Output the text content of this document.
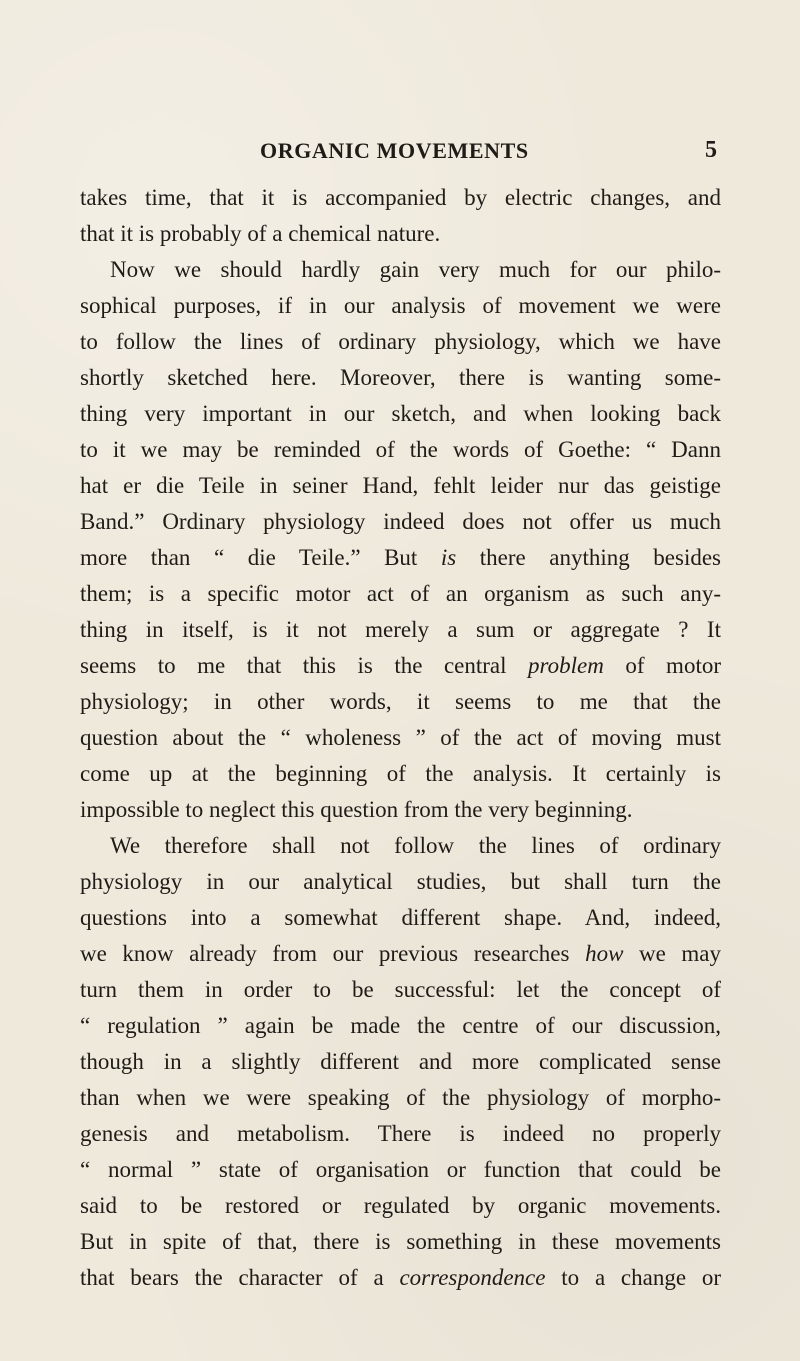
ORGANIC MOVEMENTS	5
takes time, that it is accompanied by electric changes, and
that it is probably of a chemical nature.
Now we should hardly gain very much for our philo-
sophical purposes, if in our analysis of movement we were
to follow the lines of ordinary physiology, which we have
shortly sketched here. Moreover, there is wanting some-
thing very important in our sketch, and when looking back
to it we may be reminded of the words of Goethe: “ Dann
hat er die Teile in seiner Hand, fehlt leider nur das geistige
Band.” Ordinary physiology indeed does not offer us much
more than “ die Teile.” But is there anything besides
them; is a specific motor act of an organism as such any-
thing in itself, is it not merely a sum or aggregate ? It
seems to me that this is the central problem of motor
physiology; in other words, it seems to me that the
question about the “ wholeness ” of the act of moving must
come up at the beginning of the analysis. It certainly is
impossible to neglect this question from the very beginning.
We therefore shall not follow the lines of ordinary
physiology in our analytical studies, but shall turn the
questions into a somewhat different shape. And, indeed,
we know already from our previous researches how we may
turn them in order to be successful: let the concept of
“ regulation ” again be made the centre of our discussion,
though in a slightly different and more complicated sense
than when we were speaking of the physiology of morpho-
genesis and metabolism. There is indeed no properly
“ normal ” state of organisation or function that could be
said to be restored or regulated by organic movements.
But in spite of that, there is something in these movements
that bears the character of a correspondence to a change or
